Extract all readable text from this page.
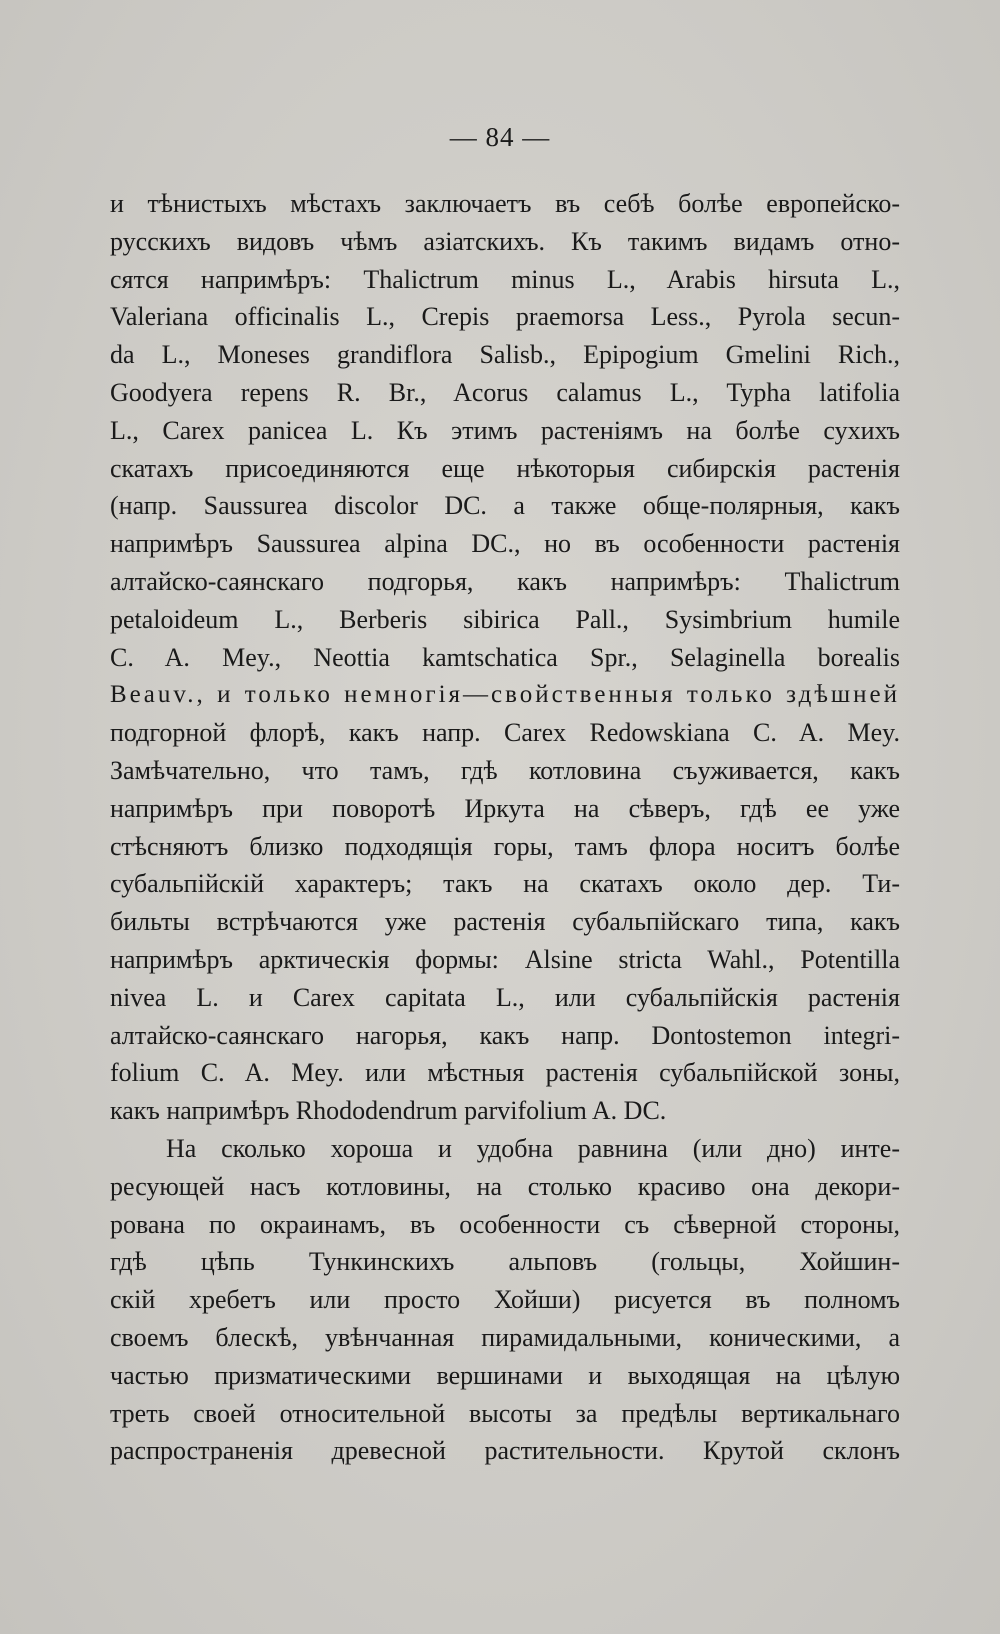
— 84 —
и тѣнистыхъ мѣстахъ заключаетъ въ себѣ болѣе европейско-
русскихъ видовъ чѣмъ азіатскихъ. Къ такимъ видамъ отно-
сятся напримѣръ: Thalictrum minus L., Arabis hirsuta L.,
Valeriana officinalis L., Crepis praemorsa Less., Pyrola secun-
da L., Moneses grandiflora Salisb., Epipogium Gmelini Rich.,
Goodyera repens R. Br., Acorus calamus L., Typha latifolia
L., Carex panicea L. Къ этимъ растеніямъ на болѣе сухихъ
скатахъ присоединяются еще нѣкоторыя сибирскія растенія
(напр. Saussurea discolor DC. а также обще-полярныя, какъ
напримѣръ Saussurea alpina DC., но въ особенности растенія
алтайско-саянскаго подгорья, какъ напримѣръ: Thalictrum
petaloideum L., Berberis sibirica Pall., Sysimbrium humile
C. A. Mey., Neottia kamtschatica Spr., Selaginella borealis
Beauv., и только немногія—свойственныя только здѣшней
подгорной флорѣ, какъ напр. Carex Redowskiana C. A. Mey.
Замѣчательно, что тамъ, гдѣ котловина съуживается, какъ
напримѣръ при поворотѣ Иркута на сѣверъ, гдѣ ее уже
стѣсняютъ близко подходящія горы, тамъ флора носитъ болѣе
субальпійскій характеръ; такъ на скатахъ около дер. Ти-
бильты встрѣчаются уже растенія субальпійскаго типа, какъ
напримѣръ арктическія формы: Alsine stricta Wahl., Potentilla
nivea L. и Carex capitata L., или субальпійскія растенія
алтайско-саянскаго нагорья, какъ напр. Dontostemon integri-
folium C. A. Mey. или мѣстныя растенія субальпійской зоны,
какъ напримѣръ Rhododendrum parvifolium A. DC.
На сколько хороша и удобна равнина (или дно) инте-
ресующей насъ котловины, на столько красиво она декори-
рована по окраинамъ, въ особенности съ сѣверной стороны,
гдѣ цѣпь Тункинскихъ альповъ (гольцы, Хойшин-
скій хребетъ или просто Хойши) рисуется въ полномъ
своемъ блескѣ, увѣнчанная пирамидальными, коническими, а
частью призматическими вершинами и выходящая на цѣлую
треть своей относительной высоты за предѣлы вертикальнаго
распространенія древесной растительности. Крутой склонъ
